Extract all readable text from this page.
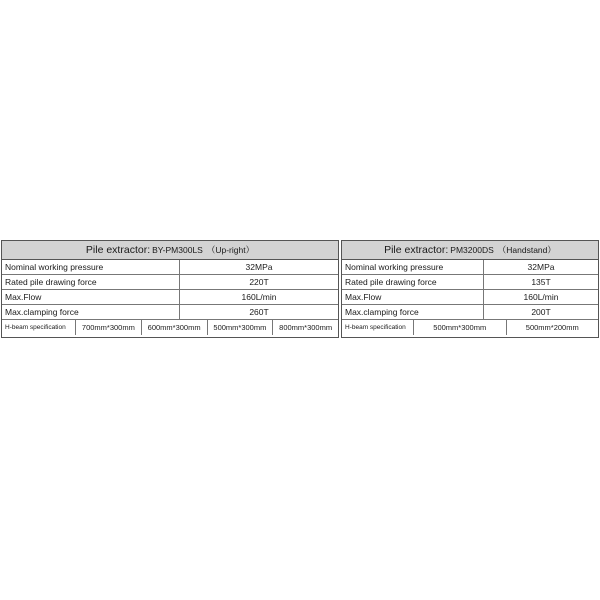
Pile extractor: BY-PM300LS （Up-right）
Nominal working pressure	32MPa
Rated pile drawing force	220T
Max.Flow	160L/min
Max.clamping force	260T
H-beam specification	700mm*300mm	600mm*300mm	500mm*300mm	800mm*300mm
Pile extractor: PM3200DS （Handstand）
Nominal working pressure	32MPa
Rated pile drawing force	135T
Max.Flow	160L/min
Max.clamping force	200T
H-beam specification	500mm*300mm	500mm*200mm
